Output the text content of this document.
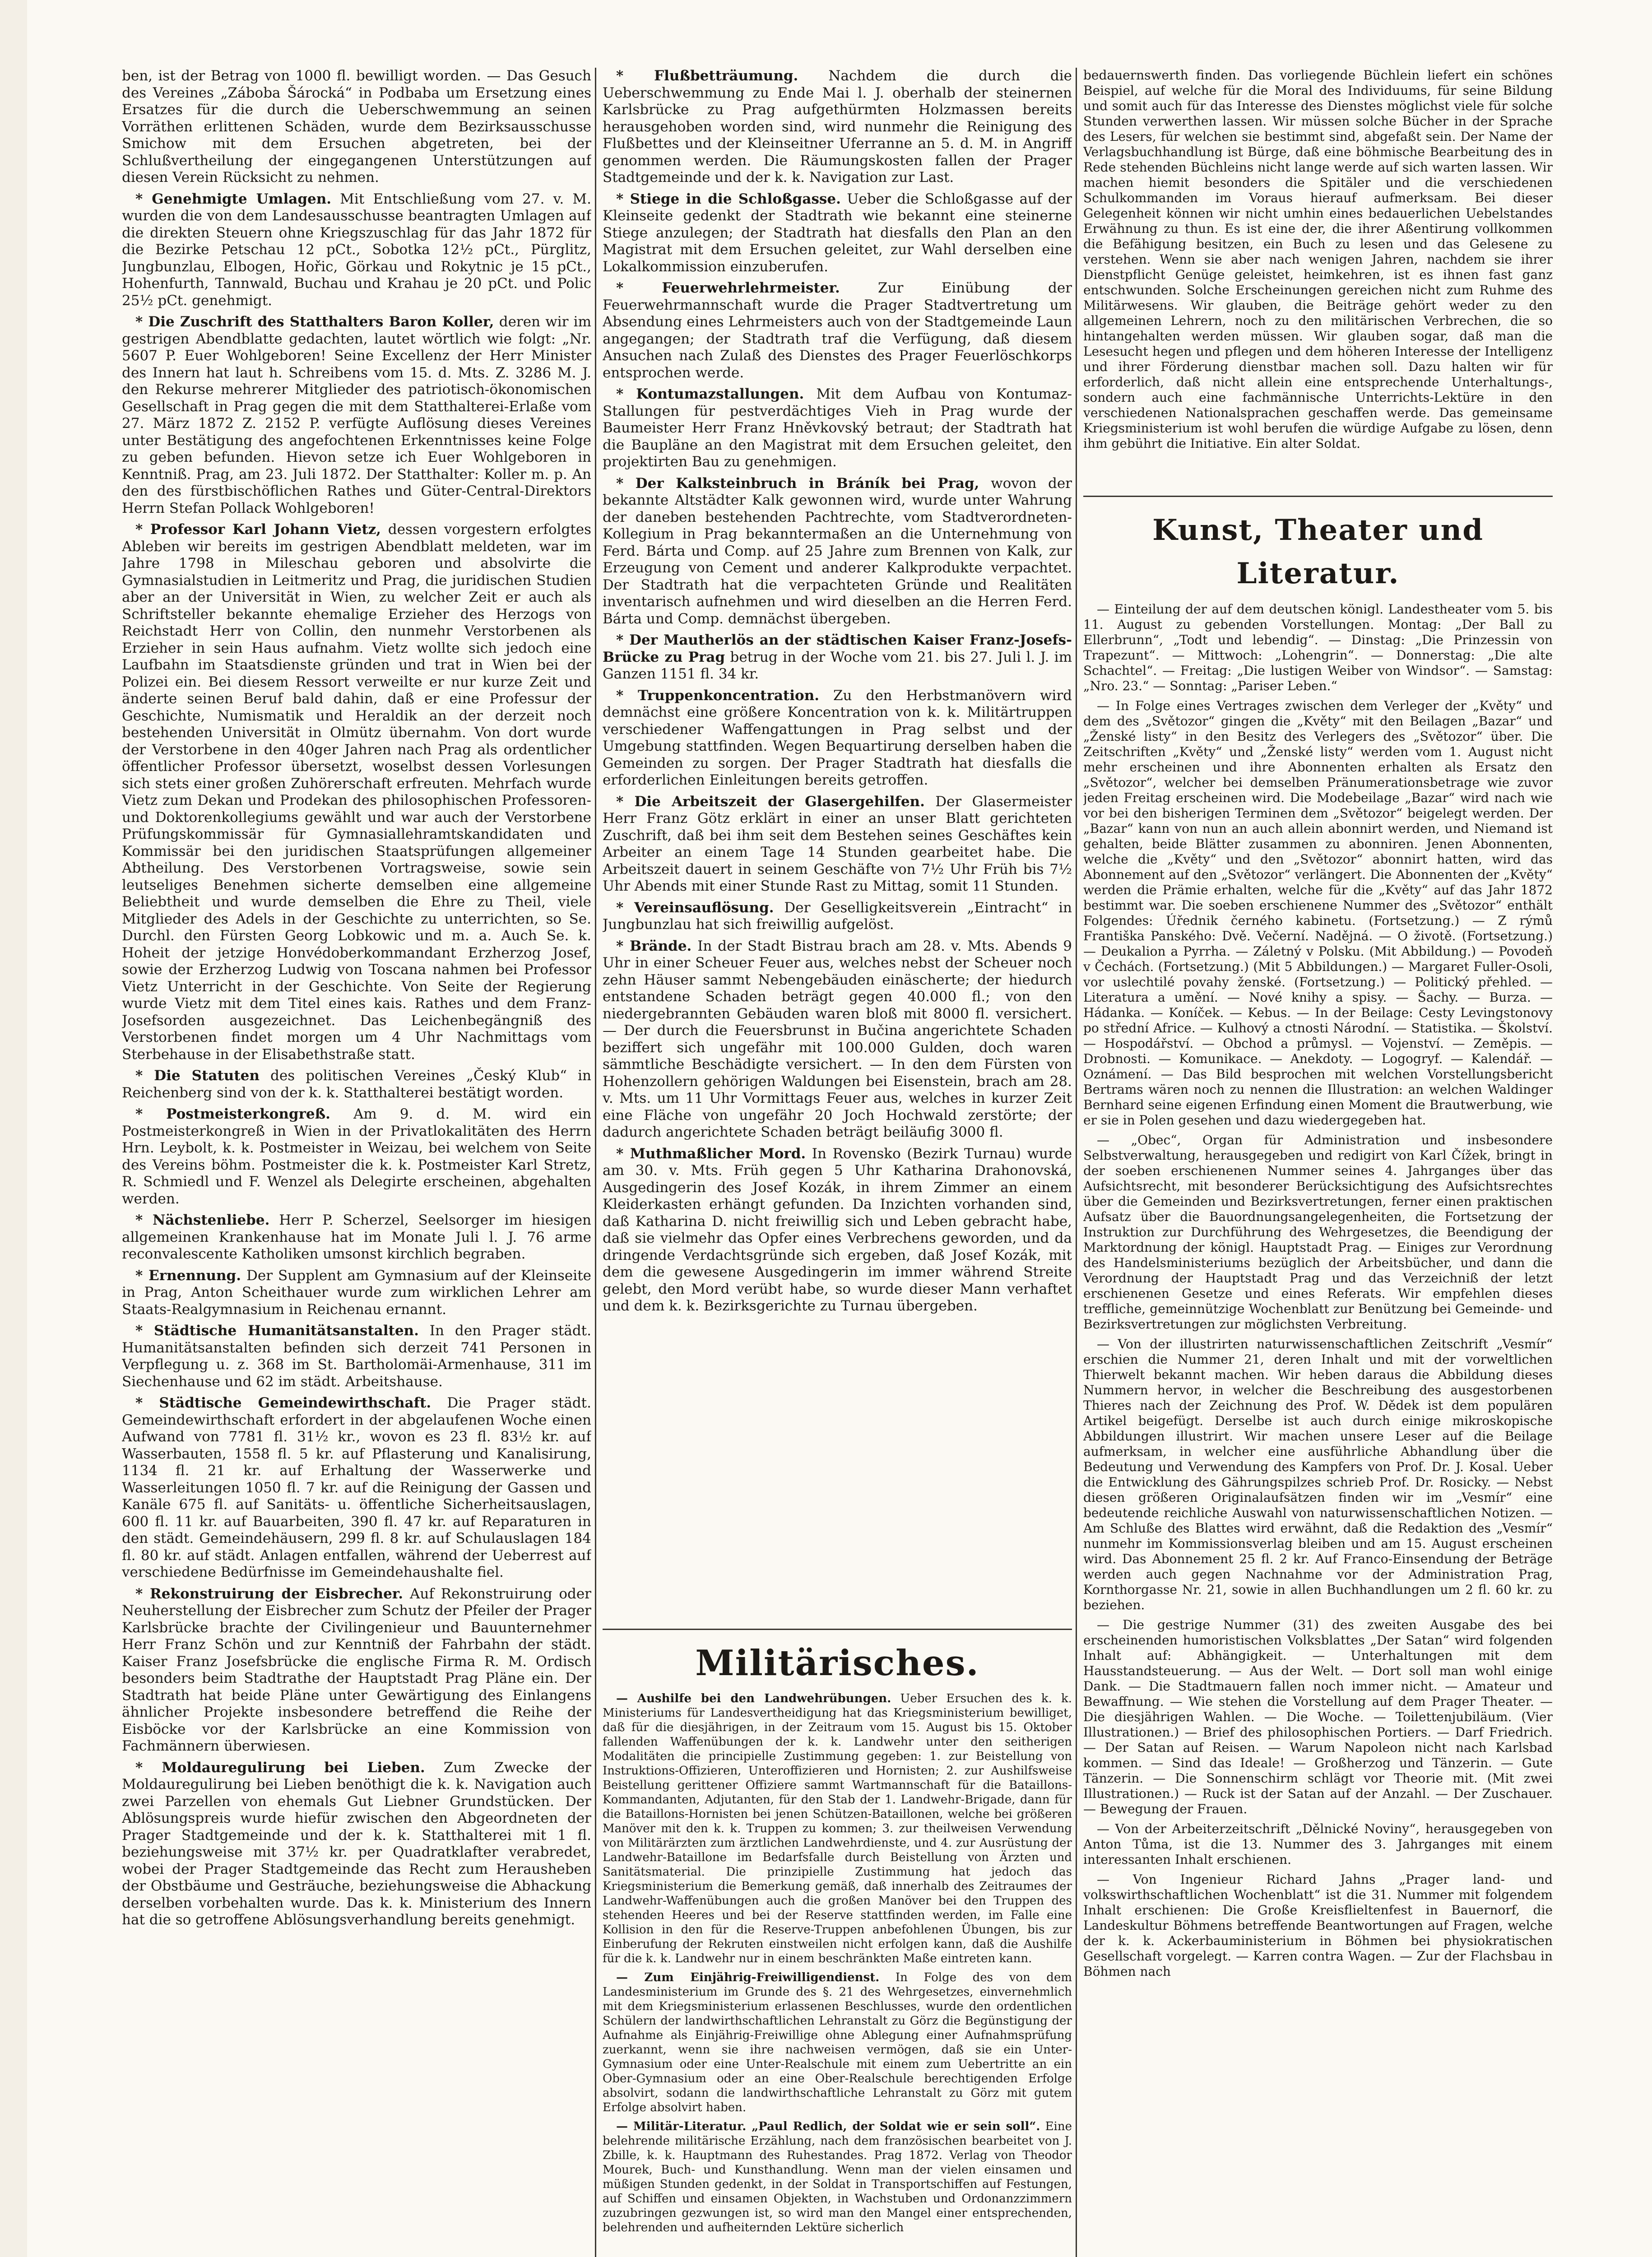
ben, ist der Betrag von 1000 fl. bewilligt worden. — Das Gesuch des Vereines „Záboba Šárocká“ in Podbaba um Ersetzung eines Ersatzes für die durch die Ueberschwemmung an seinen Vorräthen erlittenen Schäden, wurde dem Bezirksausschusse Smichow mit dem Ersuchen abgetreten, bei der Schlußvertheilung der eingegangenen Unterstützungen auf diesen Verein Rücksicht zu nehmen.

* Genehmigte Umlagen. Mit Entschließung vom 27. v. M. wurden die von dem Landesausschusse beantragten Umlagen auf die direkten Steuern ohne Kriegszuschlag für das Jahr 1872 für die Bezirke Petschau 12 pCt., Sobotka 12½ pCt., Pürglitz, Jungbunzlau, Elbogen, Hořic, Görkau und Rokytnic je 15 pCt., Hohenfurth, Tannwald, Buchau und Krahau je 20 pCt. und Polic 25½ pCt. genehmigt.

* Die Zuschrift des Statthalters Baron Koller, deren wir im gestrigen Abendblatte gedachten, lautet wörtlich wie folgt: „Nr. 5607 P. Euer Wohlgeboren! Seine Excellenz der Herr Minister des Innern hat laut h. Schreibens vom 15. d. Mts. Z. 3286 M. J. den Rekurse mehrerer Mitglieder des patriotisch-ökonomischen Gesellschaft in Prag gegen die mit dem Statthalterei-Erlaße vom 27. März 1872 Z. 2152 P. verfügte Auflösung dieses Vereines unter Bestätigung des angefochtenen Erkenntnisses keine Folge zu geben befunden. Hievon setze ich Euer Wohlgeboren in Kenntniß. Prag, am 23. Juli 1872. Der Statthalter: Koller m. p. An den des fürstbischöflichen Rathes und Güter-Central-Direktors Herrn Stefan Pollack Wohlgeboren!

* Professor Karl Johann Vietz, dessen vorgestern erfolgtes Ableben wir bereits im gestrigen Abendblatt meldeten, war im Jahre 1798 in Mileschau geboren und absolvirte die Gymnasialstudien in Leitmeritz und Prag, die juridischen Studien aber an der Universität in Wien, zu welcher Zeit er auch als Schriftsteller bekannte ehemalige Erzieher des Herzogs von Reichstadt Herr von Collin, den nunmehr Verstorbenen als Erzieher in sein Haus aufnahm. Vietz wollte sich jedoch eine Laufbahn im Staatsdienste gründen und trat in Wien bei der Polizei ein. Bei diesem Ressort verweilte er nur kurze Zeit und änderte seinen Beruf bald dahin, daß er eine Professur der Geschichte, Numismatik und Heraldik an der derzeit noch bestehenden Universität in Olmütz übernahm. Von dort wurde der Verstorbene in den 40ger Jahren nach Prag als ordentlicher öffentlicher Professor übersetzt, woselbst dessen Vorlesungen sich stets einer großen Zuhörerschaft erfreuten. Mehrfach wurde Vietz zum Dekan und Prodekan des philosophischen Professoren- und Doktorenkollegiums gewählt und war auch der Verstorbene Prüfungskommissär für Gymnasiallehramtskandidaten und Kommissär bei den juridischen Staatsprüfungen allgemeiner Abtheilung. Des Verstorbenen Vortragsweise, sowie sein leutseliges Benehmen sicherte demselben eine allgemeine Beliebtheit und wurde demselben die Ehre zu Theil, viele Mitglieder des Adels in der Geschichte zu unterrichten, so Se. Durchl. den Fürsten Georg Lobkowic und m. a. Auch Se. k. Hoheit der jetzige Honvédoberkommandant Erzherzog Josef, sowie der Erzherzog Ludwig von Toscana nahmen bei Professor Vietz Unterricht in der Geschichte. Von Seite der Regierung wurde Vietz mit dem Titel eines kais. Rathes und dem Franz-Josefsorden ausgezeichnet. Das Leichenbegängniß des Verstorbenen findet morgen um 4 Uhr Nachmittags vom Sterbehause in der Elisabethstraße statt.

* Die Statuten des politischen Vereines „Český Klub“ in Reichenberg sind von der k. k. Statthalterei bestätigt worden.

* Postmeisterkongreß. Am 9. d. M. wird ein Postmeisterkongreß in Wien in der Privatlokalitäten des Herrn Hrn. Leybolt, k. k. Postmeister in Weizau, bei welchem von Seite des Vereins böhm. Postmeister die k. k. Postmeister Karl Stretz, R. Schmiedl und F. Wenzel als Delegirte erscheinen, abgehalten werden.

* Nächstenliebe. Herr P. Scherzel, Seelsorger im hiesigen allgemeinen Krankenhause hat im Monate Juli l. J. 76 arme reconvalescente Katholiken umsonst kirchlich begraben.

* Ernennung. Der Supplent am Gymnasium auf der Kleinseite in Prag, Anton Scheithauer wurde zum wirklichen Lehrer am Staats-Realgymnasium in Reichenau ernannt.

* Städtische Humanitätsanstalten. In den Prager städt. Humanitätsanstalten befinden sich derzeit 741 Personen in Verpflegung u. z. 368 im St. Bartholomäi-Armenhause, 311 im Siechenhause und 62 im städt. Arbeitshause.

* Städtische Gemeindewirthschaft. Die Prager städt. Gemeindewirthschaft erfordert in der abgelaufenen Woche einen Aufwand von 7781 fl. 31½ kr., wovon es 23 fl. 83½ kr. auf Wasserbauten, 1558 fl. 5 kr. auf Pflasterung und Kanalisirung, 1134 fl. 21 kr. auf Erhaltung der Wasserwerke und Wasserleitungen 1050 fl. 7 kr. auf die Reinigung der Gassen und Kanäle 675 fl. auf Sanitäts- u. öffentliche Sicherheitsauslagen, 600 fl. 11 kr. auf Bauarbeiten, 390 fl. 47 kr. auf Reparaturen in den städt. Gemeindehäusern, 299 fl. 8 kr. auf Schulauslagen 184 fl. 80 kr. auf städt. Anlagen entfallen, während der Ueberrest auf verschiedene Bedürfnisse im Gemeindehaushalte fiel.

* Rekonstruirung der Eisbrecher. Auf Rekonstruirung oder Neuherstellung der Eisbrecher zum Schutz der Pfeiler der Prager Karlsbrücke brachte der Civilingenieur und Bauunternehmer Herr Franz Schön und zur Kenntniß der Fahrbahn der städt. Kaiser Franz Josefsbrücke die englische Firma R. M. Ordisch besonders beim Stadtrathe der Hauptstadt Prag Pläne ein. Der Stadtrath hat beide Pläne unter Gewärtigung des Einlangens ähnlicher Projekte insbesondere betreffend die Reihe der Eisböcke vor der Karlsbrücke an eine Kommission von Fachmännern überwiesen.

* Moldauregulirung bei Lieben. Zum Zwecke der Moldauregulirung bei Lieben benöthigt die k. k. Navigation auch zwei Parzellen von ehemals Gut Liebner Grundstücken. Der Ablösungspreis wurde hiefür zwischen den Abgeordneten der Prager Stadtgemeinde und der k. k. Statthalterei mit 1 fl. beziehungsweise mit 37½ kr. per Quadratklafter verabredet, wobei der Prager Stadtgemeinde das Recht zum Herausheben der Obstbäume und Gesträuche, beziehungsweise die Abhackung derselben vorbehalten wurde. Das k. k. Ministerium des Innern hat die so getroffene Ablösungsverhandlung bereits genehmigt.

* Flußbetträumung. Nachdem die durch die Ueberschwemmung zu Ende Mai l. J. oberhalb der steinernen Karlsbrücke zu Prag aufgethürmten Holzmassen bereits herausgehoben worden sind, wird nunmehr die Reinigung des Flußbettes und der Kleinseitner Uferranne an 5. d. M. in Angriff genommen werden. Die Räumungskosten fallen der Prager Stadtgemeinde und der k. k. Navigation zur Last.

* Stiege in die Schloßgasse. Ueber die Schloßgasse auf der Kleinseite gedenkt der Stadtrath wie bekannt eine steinerne Stiege anzulegen; der Stadtrath hat diesfalls den Plan an den Magistrat mit dem Ersuchen geleitet, zur Wahl derselben eine Lokalkommission einzuberufen.

* Feuerwehrlehrmeister.	Zur Einübung der Feuerwehrmannschaft wurde die Prager Stadtvertretung um Absendung eines Lehrmeisters auch von der Stadtgemeinde Laun angegangen; der Stadtrath traf die Verfügung, daß diesem Ansuchen nach Zulaß des Dienstes des Prager Feuerlöschkorps entsprochen werde.

* Kontumazstallungen. Mit dem Aufbau von Kontumaz-Stallungen für pestverdächtiges Vieh in Prag wurde der Baumeister Herr Franz Hněvkovský betraut; der Stadtrath hat die Baupläne an den Magistrat mit dem Ersuchen geleitet, den projektirten Bau zu genehmigen.

* Der Kalksteinbruch in Bráník bei Prag, wovon der bekannte Altstädter Kalk gewonnen wird, wurde unter Wahrung der daneben bestehenden Pachtrechte, vom Stadtverordneten-Kollegium in Prag bekanntermaßen an die Unternehmung von Ferd. Bárta und Comp. auf 25 Jahre zum Brennen von Kalk, zur Erzeugung von Cement und anderer Kalkprodukte verpachtet. Der Stadtrath hat die verpachteten Gründe und Realitäten inventarisch aufnehmen und wird dieselben an die Herren Ferd. Bárta und Comp. demnächst übergeben.

* Der Mautherlös an der städtischen Kaiser Franz-Josefs-Brücke zu Prag betrug in der Woche vom 21. bis 27. Juli l. J. im Ganzen 1151 fl. 34 kr.

* Truppenkoncentration. Zu den Herbstmanövern wird demnächst eine größere Koncentration von k. k. Militärtruppen verschiedener Waffengattungen in Prag selbst und der Umgebung stattfinden. Wegen Bequartirung derselben haben die Gemeinden zu sorgen. Der Prager Stadtrath hat diesfalls die erforderlichen Einleitungen bereits getroffen.

* Die Arbeitszeit der Glasergehilfen. Der Glasermeister Herr Franz Götz erklärt in einer an unser Blatt gerichteten Zuschrift, daß bei ihm seit dem Bestehen seines Geschäftes kein Arbeiter an einem Tage 14 Stunden gearbeitet habe. Die Arbeitszeit dauert in seinem Geschäfte von 7½ Uhr Früh bis 7½ Uhr Abends mit einer Stunde Rast zu Mittag, somit 11 Stunden.

* Vereinsauflösung. Der Geselligkeitsverein „Eintracht“ in Jungbunzlau hat sich freiwillig aufgelöst.

* Brände. In der Stadt Bistrau brach am 28. v. Mts. Abends 9 Uhr in einer Scheuer Feuer aus, welches nebst der Scheuer noch zehn Häuser sammt Nebengebäuden einäscherte; der hiedurch entstandene Schaden beträgt gegen 40.000 fl.; von den niedergebrannten Gebäuden waren bloß mit 8000 fl. versichert. — Der durch die Feuersbrunst in Bučina angerichtete Schaden beziffert sich ungefähr mit 100.000 Gulden, doch waren sämmtliche Beschädigte versichert. — In den dem Fürsten von Hohenzollern gehörigen Waldungen bei Eisenstein, brach am 28. v. Mts. um 11 Uhr Vormittags Feuer aus, welches in kurzer Zeit eine Fläche von ungefähr 20 Joch Hochwald zerstörte; der dadurch angerichtete Schaden beträgt beiläufig 3000 fl.

* Muthmaßlicher Mord. In Rovensko (Bezirk Turnau) wurde am 30. v. Mts. Früh gegen 5 Uhr Katharina Drahonovská, Ausgedingerin des Josef Kozák, in ihrem Zimmer an einem Kleiderkasten erhängt gefunden. Da Inzichten vorhanden sind, daß Katharina D. nicht freiwillig sich und Leben gebracht habe, daß sie vielmehr das Opfer eines Verbrechens geworden, und da dringende Verdachtsgründe sich ergeben, daß Josef Kozák, mit dem die gewesene Ausgedingerin im immer während Streite gelebt, den Mord verübt habe, so wurde dieser Mann verhaftet und dem k. k. Bezirksgerichte zu Turnau übergeben.

Militärisches.

— Aushilfe bei den Landwehrübungen. Ueber Ersuchen des k. k. Ministeriums für Landesvertheidigung hat das Kriegsministerium bewilliget, daß für die diesjährigen, in der Zeitraum vom 15. August bis 15. Oktober fallenden Waffenübungen der k. k. Landwehr unter den seitherigen Modalitäten die principielle Zustimmung gegeben: 1. zur Beistellung von Instruktions-Offizieren, Unteroffizieren und Hornisten; 2. zur Aushilfsweise Beistellung gerittener Offiziere sammt Wartmannschaft für die Bataillons-Kommandanten, Adjutanten, für den Stab der 1. Landwehr-Brigade, dann für die Bataillons-Hornisten bei jenen Schützen-Bataillonen, welche bei größeren Manöver mit den k. k. Truppen zu kommen; 3. zur theilweisen Verwendung von Militärärzten zum ärztlichen Landwehrdienste, und 4. zur Ausrüstung der Landwehr-Bataillone im Bedarfsfalle durch Beistellung von Ärzten und Sanitätsmaterial. Die prinzipielle Zustimmung hat jedoch das Kriegsministerium die Bemerkung gemäß, daß innerhalb des Zeitraumes der Landwehr-Waffenübungen auch die großen Manöver bei den Truppen des stehenden Heeres und bei der Reserve stattfinden werden, im Falle eine Kollision in den für die Reserve-Truppen anbefohlenen Übungen, bis zur Einberufung der Rekruten einstweilen nicht erfolgen kann, daß die Aushilfe für die k. k. Landwehr nur in einem beschränkten Maße eintreten kann.

— Zum Einjährig-Freiwilligendienst. In Folge des von dem Landesministerium im Grunde des §. 21 des Wehrgesetzes, einvernehmlich mit dem Kriegsministerium erlassenen Beschlusses, wurde den ordentlichen Schülern der landwirthschaftlichen Lehranstalt zu Görz die Begünstigung der Aufnahme als Einjährig-Freiwillige ohne Ablegung einer Aufnahmsprüfung zuerkannt, wenn sie ihre nachweisen vermögen, daß sie ein Unter-Gymnasium oder eine Unter-Realschule mit einem zum Uebertritte an ein Ober-Gymnasium oder an eine Ober-Realschule berechtigenden Erfolge absolvirt, sodann die landwirthschaftliche Lehranstalt zu Görz mit gutem Erfolge absolvirt haben.

— Militär-Literatur. „Paul Redlich, der Soldat wie er sein soll“. Eine belehrende militärische Erzählung, nach dem französischen bearbeitet von J. Zbille, k. k. Hauptmann des Ruhestandes. Prag 1872. Verlag von Theodor Mourek, Buch- und Kunsthandlung. Wenn man der vielen einsamen und müßigen Stunden gedenkt, in der Soldat in Transportschiffen auf Festungen, auf Schiffen und einsamen Objekten, in Wachstuben und Ordonanzzimmern zuzubringen gezwungen ist, so wird man den Mangel einer entsprechenden, belehrenden und aufheiternden Lektüre sicherlich

bedauernswerth finden. Das vorliegende Büchlein liefert ein schönes Beispiel, auf welche für die Moral des Individuums, für seine Bildung und somit auch für das Interesse des Dienstes möglichst viele für solche Stunden verwerthen lassen. Wir müssen solche Bücher in der Sprache des Lesers, für welchen sie bestimmt sind, abgefaßt sein. Der Name der Verlagsbuchhandlung ist Bürge, daß eine böhmische Bearbeitung des in Rede stehenden Büchleins nicht lange werde auf sich warten lassen. Wir machen hiemit besonders die Spitäler und die verschiedenen Schulkommanden im Voraus hierauf aufmerksam. Bei dieser Gelegenheit können wir nicht umhin eines bedauerlichen Uebelstandes Erwähnung zu thun. Es ist eine der, die ihrer Aßentirung vollkommen die Befähigung besitzen, ein Buch zu lesen und das Gelesene zu verstehen. Wenn sie aber nach wenigen Jahren, nachdem sie ihrer Dienstpflicht Genüge geleistet, heimkehren, ist es ihnen fast ganz entschwunden. Solche Erscheinungen gereichen nicht zum Ruhme des Militärwesens. Wir glauben, die Beiträge gehört weder zu den allgemeinen Lehrern, noch zu den militärischen Verbrechen, die so hintangehalten werden müssen. Wir glauben sogar, daß man die Lesesucht hegen und pflegen und dem höheren Interesse der Intelligenz und ihrer Förderung dienstbar machen soll. Dazu halten wir für erforderlich, daß nicht allein eine entsprechende Unterhaltungs-, sondern auch eine fachmännische Unterrichts-Lektüre in den verschiedenen Nationalsprachen geschaffen werde. Das gemeinsame Kriegsministerium ist wohl berufen die würdige Aufgabe zu lösen, denn ihm gebührt die Initiative. Ein alter Soldat.

Kunst, Theater und Literatur.

— Einteilung der auf dem deutschen königl. Landestheater vom 5. bis 11. August zu gebenden Vorstellungen. Montag: „Der Ball zu Ellerbrunn“, „Todt und lebendig“. — Dinstag: „Die Prinzessin von Trapezunt“. — Mittwoch: „Lohengrin“. — Donnerstag: „Die alte Schachtel“. — Freitag: „Die lustigen Weiber von Windsor“. — Samstag: „Nro. 23.“ — Sonntag: „Pariser Leben.“

— In Folge eines Vertrages zwischen dem Verleger der „Květy“ und dem des „Světozor“ gingen die „Květy“ mit den Beilagen „Bazar“ und „Ženské listy“ in den Besitz des Verlegers des „Světozor“ über. Die Zeitschriften „Květy“ und „Ženské listy“ werden vom 1. August nicht mehr erscheinen und ihre Abonnenten erhalten als Ersatz den „Světozor“, welcher bei demselben Pränumerationsbetrage wie zuvor jeden Freitag erscheinen wird. Die Modebeilage „Bazar“ wird nach wie vor bei den bisherigen Terminen dem „Světozor“ beigelegt werden. Der „Bazar“ kann von nun an auch allein abonnirt werden, und Niemand ist gehalten, beide Blätter zusammen zu abonniren. Jenen Abonnenten, welche die „Květy“ und den „Světozor“ abonnirt hatten, wird das Abonnement auf den „Světozor“ verlängert. Die Abonnenten der „Květy“ werden die Prämie erhalten, welche für die „Květy“ auf das Jahr 1872 bestimmt war. Die soeben erschienene Nummer des „Světozor“ enthält Folgendes: Úřednik černého kabinetu. (Fortsetzung.) — Z rýmů Františka Panského: Dvě. Večerní. Nadějná. — O životě. (Fortsetzung.) — Deukalion a Pyrrha. — Záletný v Polsku. (Mit Abbildung.) — Povodeň v Čechách. (Fortsetzung.) (Mit 5 Abbildungen.) — Margaret Fuller-Osoli, vor uslechtilé povahy ženské. (Fortsetzung.) — Politický přehled. — Literatura a umění. — Nové knihy a spisy. — Šachy. — Burza. — Hádanka. — Koníček. — Kebus. — In der Beilage: Cesty Levingstonovy po střední Africe. — Kulhový a ctnosti Národní. — Statistika. — Školství. — Hospodářství. — Obchod a průmysl. — Vojenství. — Zeměpis. — Drobnosti. — Komunikace. — Anekdoty. — Logogryf. — Kalendář. — Oznámení. — Das Bild besprochen mit welchen Vorstellungsbericht Bertrams wären noch zu nennen die Illustration: an welchen Waldinger Bernhard seine eigenen Erfindung einen Moment die Brautwerbung, wie er sie in Polen gesehen und dazu wiedergegeben hat.

— „Obec“, Organ für Administration und insbesondere Selbstverwaltung, herausgegeben und redigirt von Karl Čížek, bringt in der soeben erschienenen Nummer seines 4. Jahrganges über das Aufsichtsrecht, mit besonderer Berücksichtigung des Aufsichtsrechtes über die Gemeinden und Bezirksvertretungen, ferner einen praktischen Aufsatz über die Bauordnungsangelegenheiten, die Fortsetzung der Instruktion zur Durchführung des Wehrgesetzes, die Beendigung der Marktordnung der königl. Hauptstadt Prag. — Einiges zur Verordnung des Handelsministeriums bezüglich der Arbeitsbücher, und dann die Verordnung der Hauptstadt Prag und das Verzeichniß der letzt erschienenen Gesetze und eines Referats. Wir empfehlen dieses treffliche, gemeinnützige Wochenblatt zur Benützung bei Gemeinde- und Bezirksvertretungen zur möglichsten Verbreitung.

— Von der illustrirten naturwissenschaftlichen Zeitschrift „Vesmír“ erschien die Nummer 21, deren Inhalt und mit der vorweltlichen Thierwelt bekannt machen. Wir heben daraus die Abbildung dieses Nummern hervor, in welcher die Beschreibung des ausgestorbenen Thieres nach der Zeichnung des Prof. W. Dědek ist dem populären Artikel beigefügt. Derselbe ist auch durch einige mikroskopische Abbildungen illustrirt. Wir machen unsere Leser auf die Beilage aufmerksam, in welcher eine ausführliche Abhandlung über die Bedeutung und Verwendung des Kampfers von Prof. Dr. J. Kosal. Ueber die Entwicklung des Gährungspilzes schrieb Prof. Dr. Rosicky. — Nebst diesen größeren Originalaufsätzen finden wir im „Vesmír“ eine bedeutende reichliche Auswahl von naturwissenschaftlichen Notizen. — Am Schluße des Blattes wird erwähnt, daß die Redaktion des „Vesmír“ nunmehr im Kommissionsverlag bleiben und am 15. August erscheinen wird. Das Abonnement 25 fl. 2 kr. Auf Franco-Einsendung der Beträge werden auch gegen Nachnahme vor der Administration Prag, Kornthorgasse Nr. 21, sowie in allen Buchhandlungen um 2 fl. 60 kr. zu beziehen.

— Die gestrige Nummer (31) des zweiten Ausgabe des bei erscheinenden humoristischen Volksblattes „Der Satan“ wird folgenden Inhalt auf: Abhängigkeit. — Unterhaltungen mit dem Hausstandsteuerung. — Aus der Welt. — Dort soll man wohl einige Dank. — Die Stadtmauern fallen noch immer nicht. — Amateur und Bewaffnung. — Wie stehen die Vorstellung auf dem Prager Theater. — Die diesjährigen Wahlen. — Die Woche. — Toilettenjubiläum. (Vier Illustrationen.) — Brief des philosophischen Portiers. — Darf Friedrich. — Der Satan auf Reisen. — Warum Napoleon nicht nach Karlsbad kommen. — Sind das Ideale! — Großherzog und Tänzerin. — Gute Tänzerin. — Die Sonnenschirm schlägt vor Theorie mit. (Mit zwei Illustrationen.) — Ruck ist der Satan auf der Anzahl. — Der Zuschauer. — Bewegung der Frauen.

— Von der Arbeiterzeitschrift „Dělnické Noviny“, herausgegeben von Anton Tůma, ist die 13. Nummer des 3. Jahrganges mit einem interessanten Inhalt erschienen.

— Von Ingenieur Richard Jahns „Prager land- und volkswirthschaftlichen Wochenblatt“ ist die 31. Nummer mit folgendem Inhalt erschienen: Die Große Kreisflieltenfest in Bauernorf, die Landeskultur Böhmens betreffende Beantwortungen auf Fragen, welche der k. k. Ackerbauministerium in Böhmen bei physiokratischen Gesellschaft vorgelegt. — Karren contra Wagen. — Zur der Flachsbau in Böhmen nach
